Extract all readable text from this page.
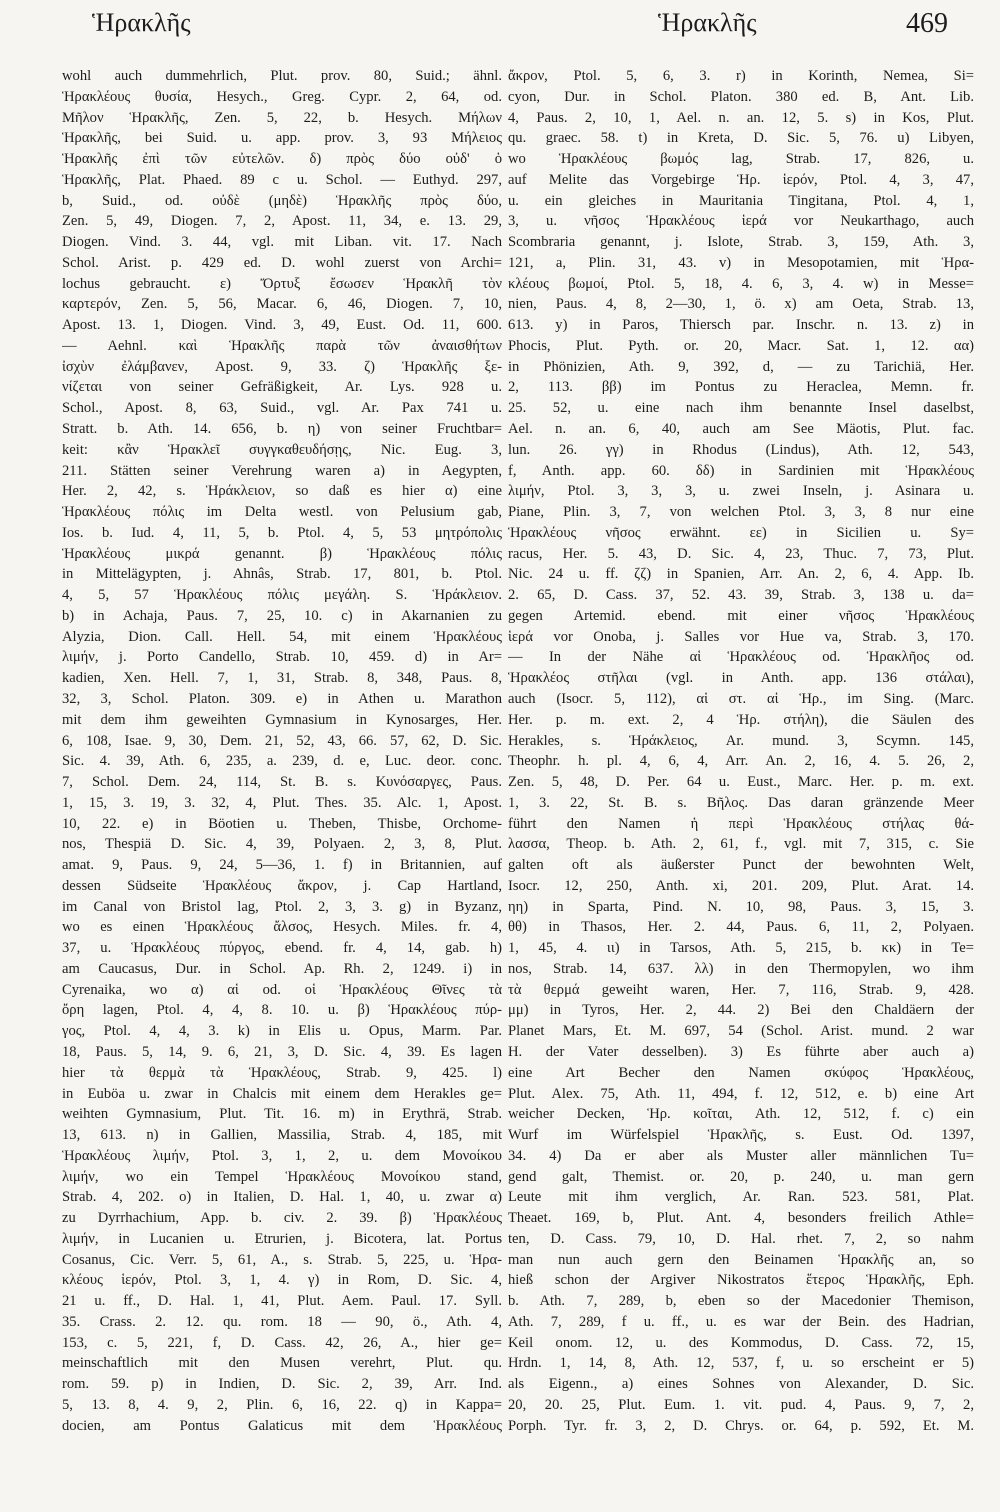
Ἡρακλῆς	Ἡρακλῆς	469
wohl auch dummehrlich, Plut. prov. 80, Suid.; ähnl.
Ἡρακλέους θυσία, Hesych., Greg. Cypr. 2, 64, od.
Μῆλον Ἡρακλῆς, Zen. 5, 22, b. Hesych. Μήλων
Ἡρακλῆς, bei Suid. u. app. prov. 3, 93 Μήλειος
Ἡρακλῆς ἐπὶ τῶν εὐτελῶν. δ) πρὸς δύο οὐδ' ὁ
Ἡρακλῆς, Plat. Phaed. 89 c u. Schol. — Euthyd. 297,
b, Suid., od. οὐδὲ (μηδὲ) Ἡρακλῆς πρὸς δύο,
Zen. 5, 49, Diogen. 7, 2, Apost. 11, 34, e. 13. 29,
Diogen. Vind. 3. 44, vgl. mit Liban. vit. 17. Nach
Schol. Arist. p. 429 ed. D. wohl zuerst von Archi=
lochus gebraucht. ε) Ὄρτυξ ἔσωσεν Ἡρακλῆ τὸν
καρτερόν, Zen. 5, 56, Macar. 6, 46, Diogen. 7, 10,
Apost. 13. 1, Diogen. Vind. 3, 49, Eust. Od. 11, 600.
— Aehnl. καὶ Ἡρακλῆς παρὰ τῶν ἀναισθήτων
ἰσχὺν ἐλάμβανεν, Apost. 9, 33. ζ) Ἡρακλῆς ξε-
νίζεται von seiner Gefräßigkeit, Ar. Lys. 928 u.
Schol., Apost. 8, 63, Suid., vgl. Ar. Pax 741 u.
Stratt. b. Ath. 14. 656, b. η) von seiner Fruchtbar=
keit: κἂν Ἡρακλεῖ συγγκαθευδήσῃς, Nic. Eug. 3,
211. Stätten seiner Verehrung waren a) in Aegypten,
Her. 2, 42, s. Ἡράκλειον, so daß es hier α) eine
Ἡρακλέους πόλις im Delta westl. von Pelusium gab,
Ios. b. Iud. 4, 11, 5, b. Ptol. 4, 5, 53 μητρόπολις
Ἡρακλέους μικρά genannt. β) Ἡρακλέους πόλις
in Mittelägypten, j. Ahnâs, Strab. 17, 801, b. Ptol.
4, 5, 57 Ἡρακλέους πόλις μεγάλη. S. Ἡράκλειον.
b) in Achaja, Paus. 7, 25, 10. c) in Akarnanien zu
Alyzia, Dion. Call. Hell. 54, mit einem Ἡρακλέους
λιμήν, j. Porto Candello, Strab. 10, 459. d) in Ar=
kadien, Xen. Hell. 7, 1, 31, Strab. 8, 348, Paus. 8,
32, 3, Schol. Platon. 309. e) in Athen u. Marathon
mit dem ihm geweihten Gymnasium in Kynosarges, Her.
6, 108, Isae. 9, 30, Dem. 21, 52, 43, 66. 57, 62, D. Sic.
Sic. 4. 39, Ath. 6, 235, a. 239, d. e, Luc. deor. conc.
7, Schol. Dem. 24, 114, St. B. s. Κυνόσαργες, Paus.
1, 15, 3. 19, 3. 32, 4, Plut. Thes. 35. Alc. 1, Apost.
10, 22. e) in Böotien u. Theben, Thisbe, Orchome-
nos, Thespiä D. Sic. 4, 39, Polyaen. 2, 3, 8, Plut.
amat. 9, Paus. 9, 24, 5—36, 1. f) in Britannien, auf
dessen Südseite Ἡρακλέους ἄκρον, j. Cap Hartland,
im Canal von Bristol lag, Ptol. 2, 3, 3. g) in Byzanz,
wo es einen Ἡρακλέους ἄλσος, Hesych. Miles. fr. 4,
37, u. Ἡρακλέους πύργος, ebend. fr. 4, 14, gab. h)
am Caucasus, Dur. in Schol. Ap. Rh. 2, 1249. i) in
Cyrenaika, wo α) αἱ od. οἱ Ἡρακλέους Θῖνες τὰ
ὄρη lagen, Ptol. 4, 4, 8. 10. u. β) Ἡρακλέους πύρ-
γος, Ptol. 4, 4, 3. k) in Elis u. Opus, Marm. Par.
18, Paus. 5, 14, 9. 6, 21, 3, D. Sic. 4, 39. Es lagen
hier τὰ θερμὰ τὰ Ἡρακλέους, Strab. 9, 425. l)
in Euböa u. zwar in Chalcis mit einem dem Herakles ge=
weihten Gymnasium, Plut. Tit. 16. m) in Erythrä, Strab.
13, 613. n) in Gallien, Massilia, Strab. 4, 185, mit
Ἡρακλέους λιμήν, Ptol. 3, 1, 2, u. dem Μονοίκου
λιμήν, wo ein Tempel Ἡρακλέους Μονοίκου stand,
Strab. 4, 202. o) in Italien, D. Hal. 1, 40, u. zwar α)
zu Dyrrhachium, App. b. civ. 2. 39. β) Ἡρακλέους
λιμήν, in Lucanien u. Etrurien, j. Bicotera, lat. Portus
Cosanus, Cic. Verr. 5, 61, A., s. Strab. 5, 225, u. Ἡρα-
κλέους ἱερόν, Ptol. 3, 1, 4. γ) in Rom, D. Sic. 4,
21 u. ff., D. Hal. 1, 41, Plut. Aem. Paul. 17. Syll.
35. Crass. 2. 12. qu. rom. 18 — 90, ö., Ath. 4,
153, c. 5, 221, f, D. Cass. 42, 26, A., hier ge=
meinschaftlich mit den Musen verehrt, Plut. qu.
rom. 59. p) in Indien, D. Sic. 2, 39, Arr. Ind.
5, 13. 8, 4. 9, 2, Plin. 6, 16, 22. q) in Kappa=
docien, am Pontus Galaticus mit dem Ἡρακλέους
ἄκρον, Ptol. 5, 6, 3. r) in Korinth, Nemea, Si=
cyon, Dur. in Schol. Platon. 380 ed. B, Ant. Lib.
4, Paus. 2, 10, 1, Ael. n. an. 12, 5. s) in Kos, Plut.
qu. graec. 58. t) in Kreta, D. Sic. 5, 76. u) Libyen,
wo Ἡρακλέους βωμός lag, Strab. 17, 826, u.
auf Melite das Vorgebirge Ἡρ. ἱερόν, Ptol. 4, 3, 47,
u. ein gleiches in Mauritania Tingitana, Ptol. 4, 1,
3, u. νῆσος Ἡρακλέους ἱερά vor Neukarthago, auch
Scombraria genannt, j. Islote, Strab. 3, 159, Ath. 3,
121, a, Plin. 31, 43. v) in Mesopotamien, mit Ἡρα-
κλέους βωμοί, Ptol. 5, 18, 4. 6, 3, 4. w) in Messe=
nien, Paus. 4, 8, 2—30, 1, ö. x) am Oeta, Strab. 13,
613. y) in Paros, Thiersch par. Inschr. n. 13. z) in
Phocis, Plut. Pyth. or. 20, Macr. Sat. 1, 12. αα)
in Phönizien, Ath. 9, 392, d, — zu Tarichiä, Her.
2, 113. ββ) im Pontus zu Heraclea, Memn. fr.
25. 52, u. eine nach ihm benannte Insel daselbst,
Ael. n. an. 6, 40, auch am See Mäotis, Plut. fac.
lun. 26. γγ) in Rhodus (Lindus), Ath. 12, 543,
f, Anth. app. 60. δδ) in Sardinien mit Ἡρακλέους
λιμήν, Ptol. 3, 3, 3, u. zwei Inseln, j. Asinara u.
Piane, Plin. 3, 7, von welchen Ptol. 3, 3, 8 nur eine
Ἡρακλέους νῆσος erwähnt. εε) in Sicilien u. Sy=
racus, Her. 5. 43, D. Sic. 4, 23, Thuc. 7, 73, Plut.
Nic. 24 u. ff. ζζ) in Spanien, Arr. An. 2, 6, 4. App. Ib.
2. 65, D. Cass. 37, 52. 43. 39, Strab. 3, 138 u. da=
gegen Artemid. ebend. mit einer νῆσος Ἡρακλέους
ἱερά vor Onoba, j. Salles vor Hue va, Strab. 3, 170.
— In der Nähe αἱ Ἡρακλέους od. Ἡρακλῆος od.
Ἡρακλέος στῆλαι (vgl. in Anth. app. 136 στάλαι),
auch (Isocr. 5, 112), αἱ στ. αἱ Ἡρ., im Sing. (Marc.
Her. p. m. ext. 2, 4 Ἡρ. στήλη), die Säulen des
Herakles, s. Ἡράκλειος, Ar. mund. 3, Scymn. 145,
Theophr. h. pl. 4, 6, 4, Arr. An. 2, 16, 4. 5. 26, 2,
Zen. 5, 48, D. Per. 64 u. Eust., Marc. Her. p. m. ext.
1, 3. 22, St. B. s. Βῆλος. Das daran gränzende Meer
führt den Namen ἡ περὶ Ἡρακλέους στήλας θά-
λασσα, Theop. b. Ath. 2, 61, f., vgl. mit 7, 315, c. Sie
galten oft als äußerster Punct der bewohnten Welt,
Isocr. 12, 250, Anth. xi, 201. 209, Plut. Arat. 14.
ηη) in Sparta, Pind. N. 10, 98, Paus. 3, 15, 3.
θθ) in Thasos, Her. 2. 44, Paus. 6, 11, 2, Polyaen.
1, 45, 4. ιι) in Tarsos, Ath. 5, 215, b. κκ) in Te=
nos, Strab. 14, 637. λλ) in den Thermopylen, wo ihm
τὰ θερμά geweiht waren, Her. 7, 116, Strab. 9, 428.
μμ) in Tyros, Her. 2, 44. 2) Bei den Chaldäern der
Planet Mars, Et. M. 697, 54 (Schol. Arist. mund. 2 war
H. der Vater desselben). 3) Es führte aber auch a)
eine Art Becher den Namen σκύφος Ἡρακλέους,
Plut. Alex. 75, Ath. 11, 494, f. 12, 512, e. b) eine Art
weicher Decken, Ἡρ. κοῖται, Ath. 12, 512, f. c) ein
Wurf im Würfelspiel Ἡρακλῆς, s. Eust. Od. 1397,
34. 4) Da er aber als Muster aller männlichen Tu=
gend galt, Themist. or. 20, p. 240, u. man gern
Leute mit ihm verglich, Ar. Ran. 523. 581, Plat.
Theaet. 169, b, Plut. Ant. 4, besonders freilich Athle=
ten, D. Cass. 79, 10, D. Hal. rhet. 7, 2, so nahm
man nun auch gern den Beinamen Ἡρακλῆς an, so
hieß schon der Argiver Nikostratos ἕτερος Ἡρακλῆς, Eph.
b. Ath. 7, 289, b, eben so der Macedonier Themison,
Ath. 7, 289, f u. ff., u. es war der Bein. des Hadrian,
Keil onom. 12, u. des Kommodus, D. Cass. 72, 15,
Hrdn. 1, 14, 8, Ath. 12, 537, f, u. so erscheint er 5)
als Eigenn., a) eines Sohnes von Alexander, D. Sic.
20, 20. 25, Plut. Eum. 1. vit. pud. 4, Paus. 9, 7, 2,
Porph. Tyr. fr. 3, 2, D. Chrys. or. 64, p. 592, Et. M.
